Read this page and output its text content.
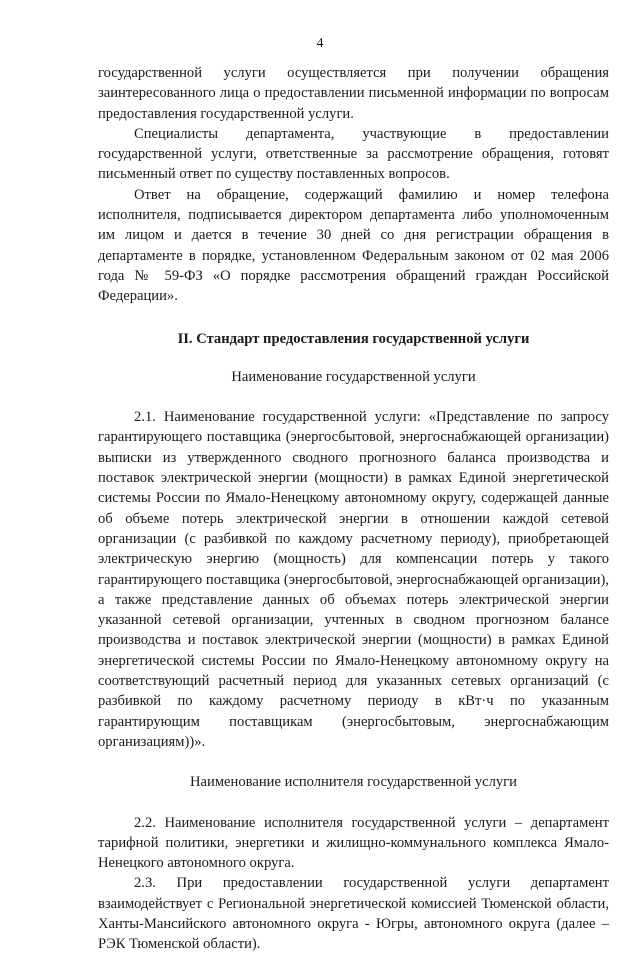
4

государственной услуги осуществляется при получении обращения заинтересованного лица о предоставлении письменной информации по вопросам предоставления государственной услуги.

Специалисты департамента, участвующие в предоставлении государственной услуги, ответственные за рассмотрение обращения, готовят письменный ответ по существу поставленных вопросов.

Ответ на обращение, содержащий фамилию и номер телефона исполнителя, подписывается директором департамента либо уполномоченным им лицом и дается в течение 30 дней со дня регистрации обращения в департаменте в порядке, установленном Федеральным законом от 02 мая 2006 года № 59-ФЗ «О порядке рассмотрения обращений граждан Российской Федерации».

II. Стандарт предоставления государственной услуги
Наименование государственной услуги

2.1. Наименование государственной услуги: «Представление по запросу гарантирующего поставщика (энергосбытовой, энергоснабжающей организации) выписки из утвержденного сводного прогнозного баланса производства и поставок электрической энергии (мощности) в рамках Единой энергетической системы России по Ямало-Ненецкому автономному округу, содержащей данные об объеме потерь электрической энергии в отношении каждой сетевой организации (с разбивкой по каждому расчетному периоду), приобретающей электрическую энергию (мощность) для компенсации потерь у такого гарантирующего поставщика (энергосбытовой, энергоснабжающей организации), а также представление данных об объемах потерь электрической энергии указанной сетевой организации, учтенных в сводном прогнозном балансе производства и поставок электрической энергии (мощности) в рамках Единой энергетической системы России по Ямало-Ненецкому автономному округу на соответствующий расчетный период для указанных сетевых организаций (с разбивкой по каждому расчетному периоду в кВт·ч по указанным гарантирующим поставщикам (энергосбытовым, энергоснабжающим организациям))».

Наименование исполнителя государственной услуги

2.2. Наименование исполнителя государственной услуги – департамент тарифной политики, энергетики и жилищно-коммунального комплекса Ямало-Ненецкого автономного округа.

2.3. При предоставлении государственной услуги департамент взаимодействует с Региональной энергетической комиссией Тюменской области, Ханты-Мансийского автономного округа - Югры, автономного округа (далее – РЭК Тюменской области).
